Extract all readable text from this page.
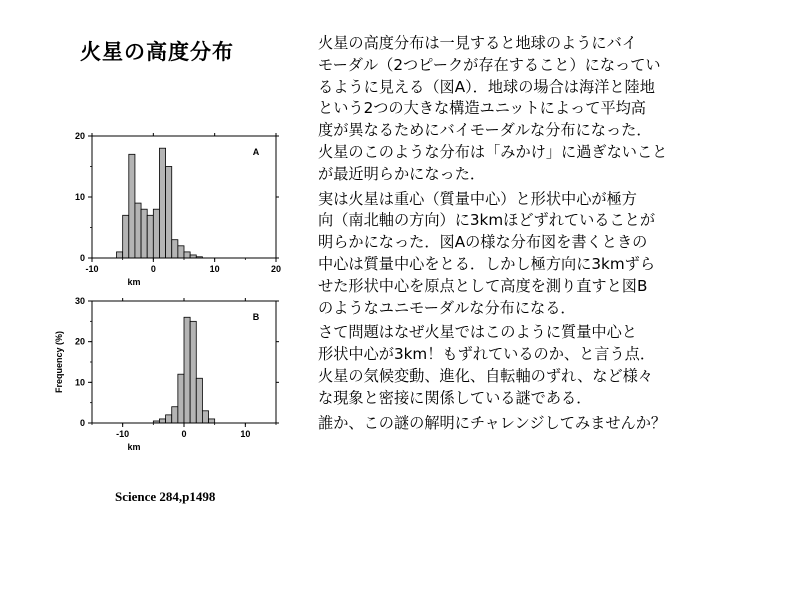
火星の高度分布
-10	0	10	20
0
10
20
km
A
-10	0	10
0
10
20
30
km
Frequency (%)
B
Science 284,p1498

火星の高度分布は一見すると地球のようにバイ
モーダル（2つピークが存在すること）になってい
るように見える（図A）．地球の場合は海洋と陸地
という2つの大きな構造ユニットによって平均高
度が異なるためにバイモーダルな分布になった．
火星のこのような分布は「みかけ」に過ぎないこと
が最近明らかになった．

実は火星は重心（質量中心）と形状中心が極方
向（南北軸の方向）に3kmほどずれていることが
明らかになった．図Aの様な分布図を書くときの
中心は質量中心をとる．しかし極方向に3kmずら
せた形状中心を原点として高度を測り直すと図B
のようなユニモーダルな分布になる．

さて問題はなぜ火星ではこのように質量中心と
形状中心が3km！もずれているのか、と言う点．
火星の気候変動、進化、自転軸のずれ、など様々
な現象と密接に関係している謎である．

誰か、この謎の解明にチャレンジしてみませんか？
